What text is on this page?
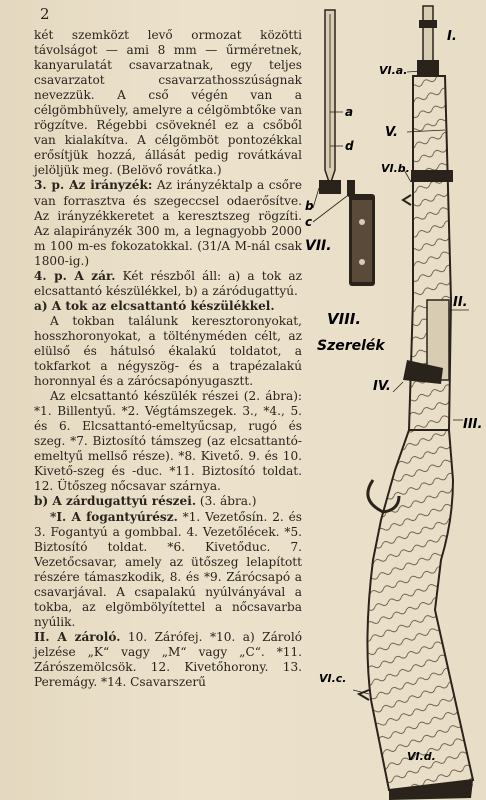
2

két szemközt levő ormozat közötti távolságot — ami 8 mm — űrméretnek, kanyarulatát csavarzatnak, egy teljes csavarzatot csavarzathosszúságnak nevezzük. A cső végén van a célgömbhüvely, amelyre a célgömbtőke van rögzítve. Régebbi csöveknél ez a csőből van kialakítva. A célgömböt pontozékkal erősítjük hozzá, állását pedig rovátkával jelöljük meg. (Belövő rovátka.)

3. p. Az irányzék: Az irányzéktalp a csőre van forrasztva és szegeccsel odaerősítve. Az irányzékkeretet a keresztszeg rögzíti. Az alapirányzék 300 m, a legnagyobb 2000 m 100 m-es fokozatokkal. (31/A M-nál csak 1800-ig.)

4. p. A zár. Két részből áll: a) a tok az elcsattantó készülékkel, b) a záródugattyú.

a) A tok az elcsattantó készülékkel.

A tokban találunk keresztoronyokat, hosszhoronyokat, a töltényméden célt, az elülső és hátulsó ékalakú toldatot, a tokfarkot a négyszög- és a trapézalakú horonnyal és a zárócsapónyugasztt.

Az elcsattantó készülék részei (2. ábra): *1. Billentyű. *2. Végtámszegek. 3., *4., 5. és 6. Elcsattantó-emeltyűcsap, rugó és szeg. *7. Biztosító támszeg (az elcsattantó-emeltyű mellső része). *8. Kivető. 9. és 10. Kivető-szeg és -duc. *11. Biztosító toldat. 12. Ütőszeg nőcsavar szárnya.

b) A zárdugattyú részei. (3. ábra.)

*I. A fogantyúrész. *1. Vezetősín. 2. és 3. Fogantyú a gombbal. 4. Vezetőlécek. *5. Biztosító toldat. *6. Kivetőduc. 7. Vezetőcsavar, amely az ütőszeg lelapított részére támaszkodik, 8. és *9. Zárócsapó a csavarjával. A csapalakú nyúlványával a tokba, az elgömbölyítettel a nőcsavarba nyúlik.

II. A zároló. 10. Zárófej. *10. a) Zároló jelzése „K“ vagy „M“ vagy „C“. *11. Zárószemölcsök. 12. Kivetőhorony. 13. Peremágy. *14. Csavarszerű

I.
VI.a.
V.
VI.b.
a
d
b
c
VII.
II.
VIII.
Szerelék
IV.
III.
VI.c.
VI.d.
